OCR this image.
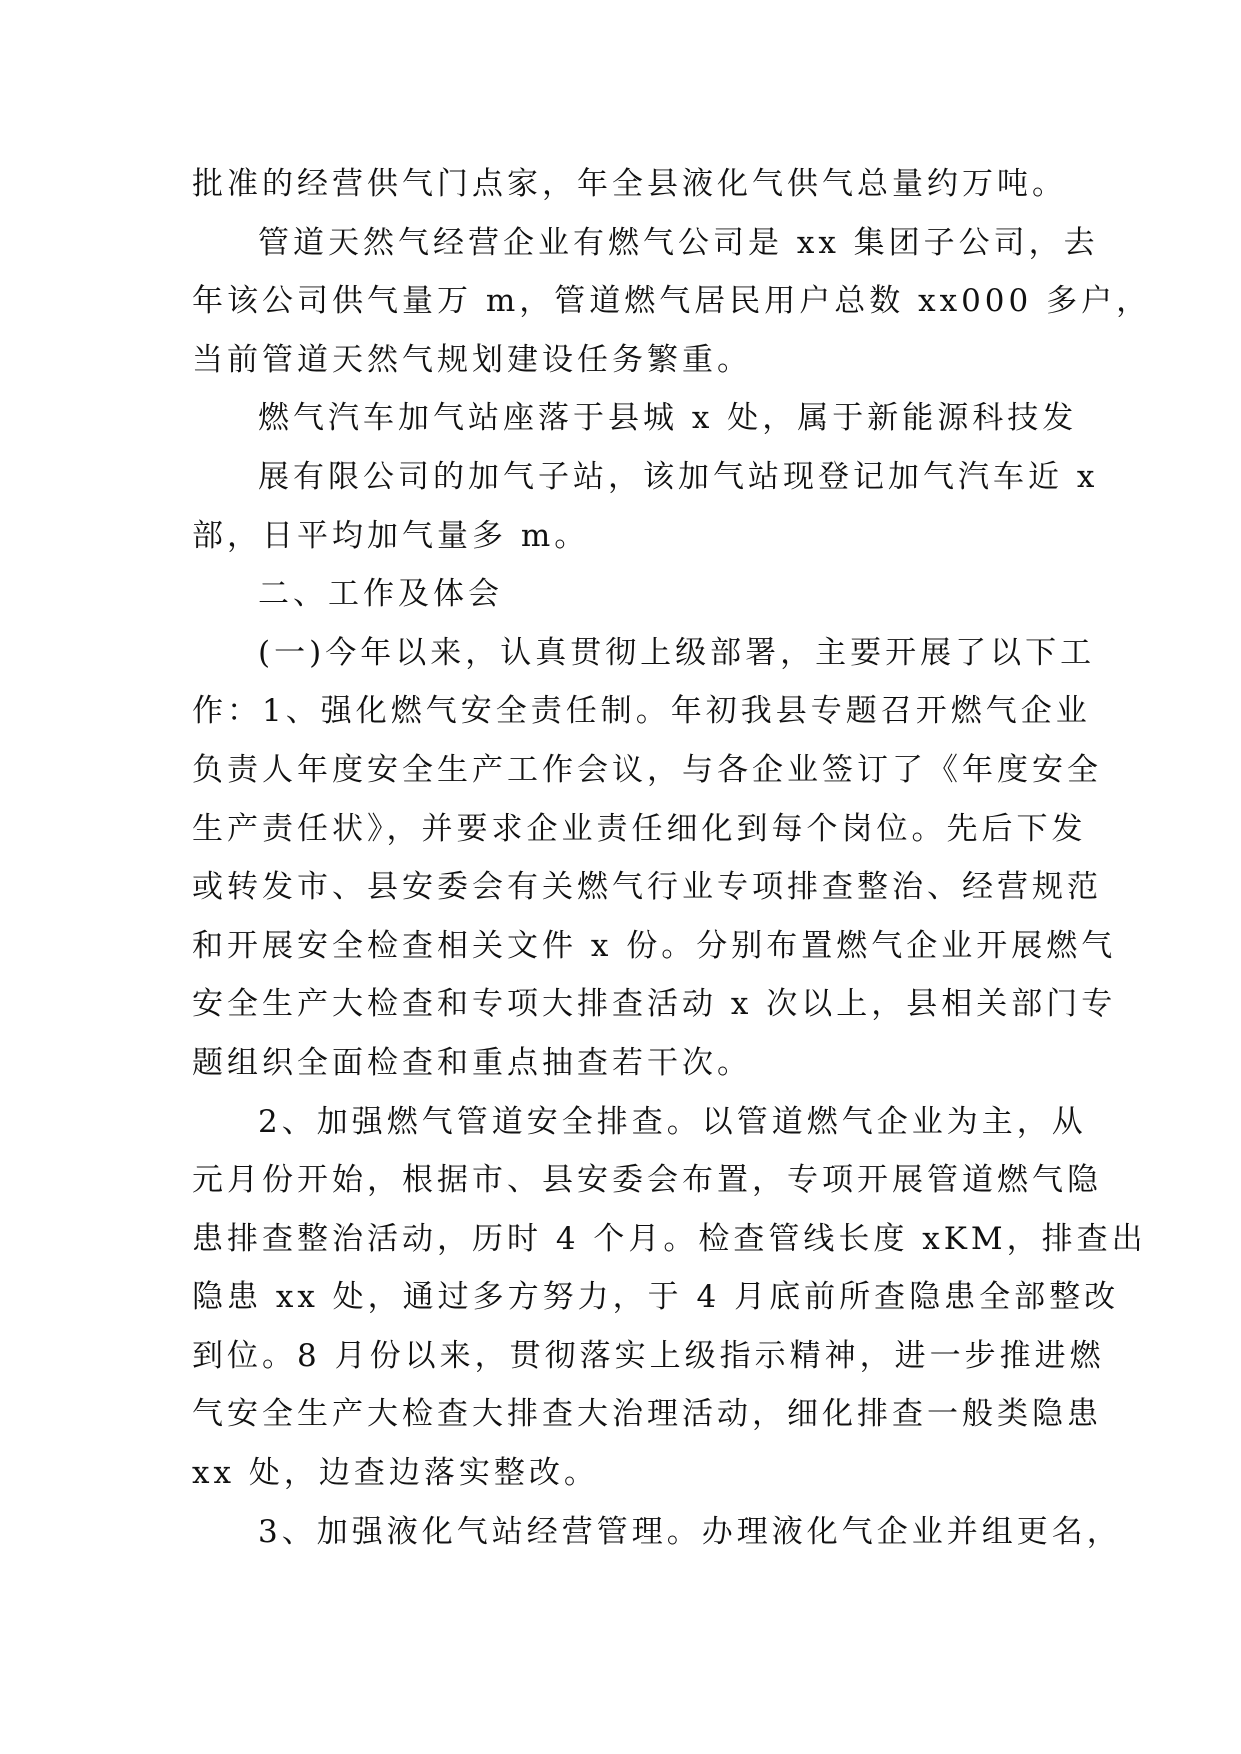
批准的经营供气门点家，年全县液化气供气总量约万吨。
管道天然气经营企业有燃气公司是 xx 集团子公司，去
年该公司供气量万 m，管道燃气居民用户总数 xx000 多户，
当前管道天然气规划建设任务繁重。
燃气汽车加气站座落于县城 x 处，属于新能源科技发
展有限公司的加气子站，该加气站现登记加气汽车近 x
部，日平均加气量多 m。
二、工作及体会
(一)今年以来，认真贯彻上级部署，主要开展了以下工
作：1、强化燃气安全责任制。年初我县专题召开燃气企业
负责人年度安全生产工作会议，与各企业签订了《年度安全
生产责任状》，并要求企业责任细化到每个岗位。先后下发
或转发市、县安委会有关燃气行业专项排查整治、经营规范
和开展安全检查相关文件 x 份。分别布置燃气企业开展燃气
安全生产大检查和专项大排查活动 x 次以上，县相关部门专
题组织全面检查和重点抽查若干次。
2、加强燃气管道安全排查。以管道燃气企业为主，从
元月份开始，根据市、县安委会布置，专项开展管道燃气隐
患排查整治活动，历时 4 个月。检查管线长度 xKM，排查出
隐患 xx 处，通过多方努力，于 4 月底前所查隐患全部整改
到位。8 月份以来，贯彻落实上级指示精神，进一步推进燃
气安全生产大检查大排查大治理活动，细化排查一般类隐患
xx 处，边查边落实整改。
3、加强液化气站经营管理。办理液化气企业并组更名，
